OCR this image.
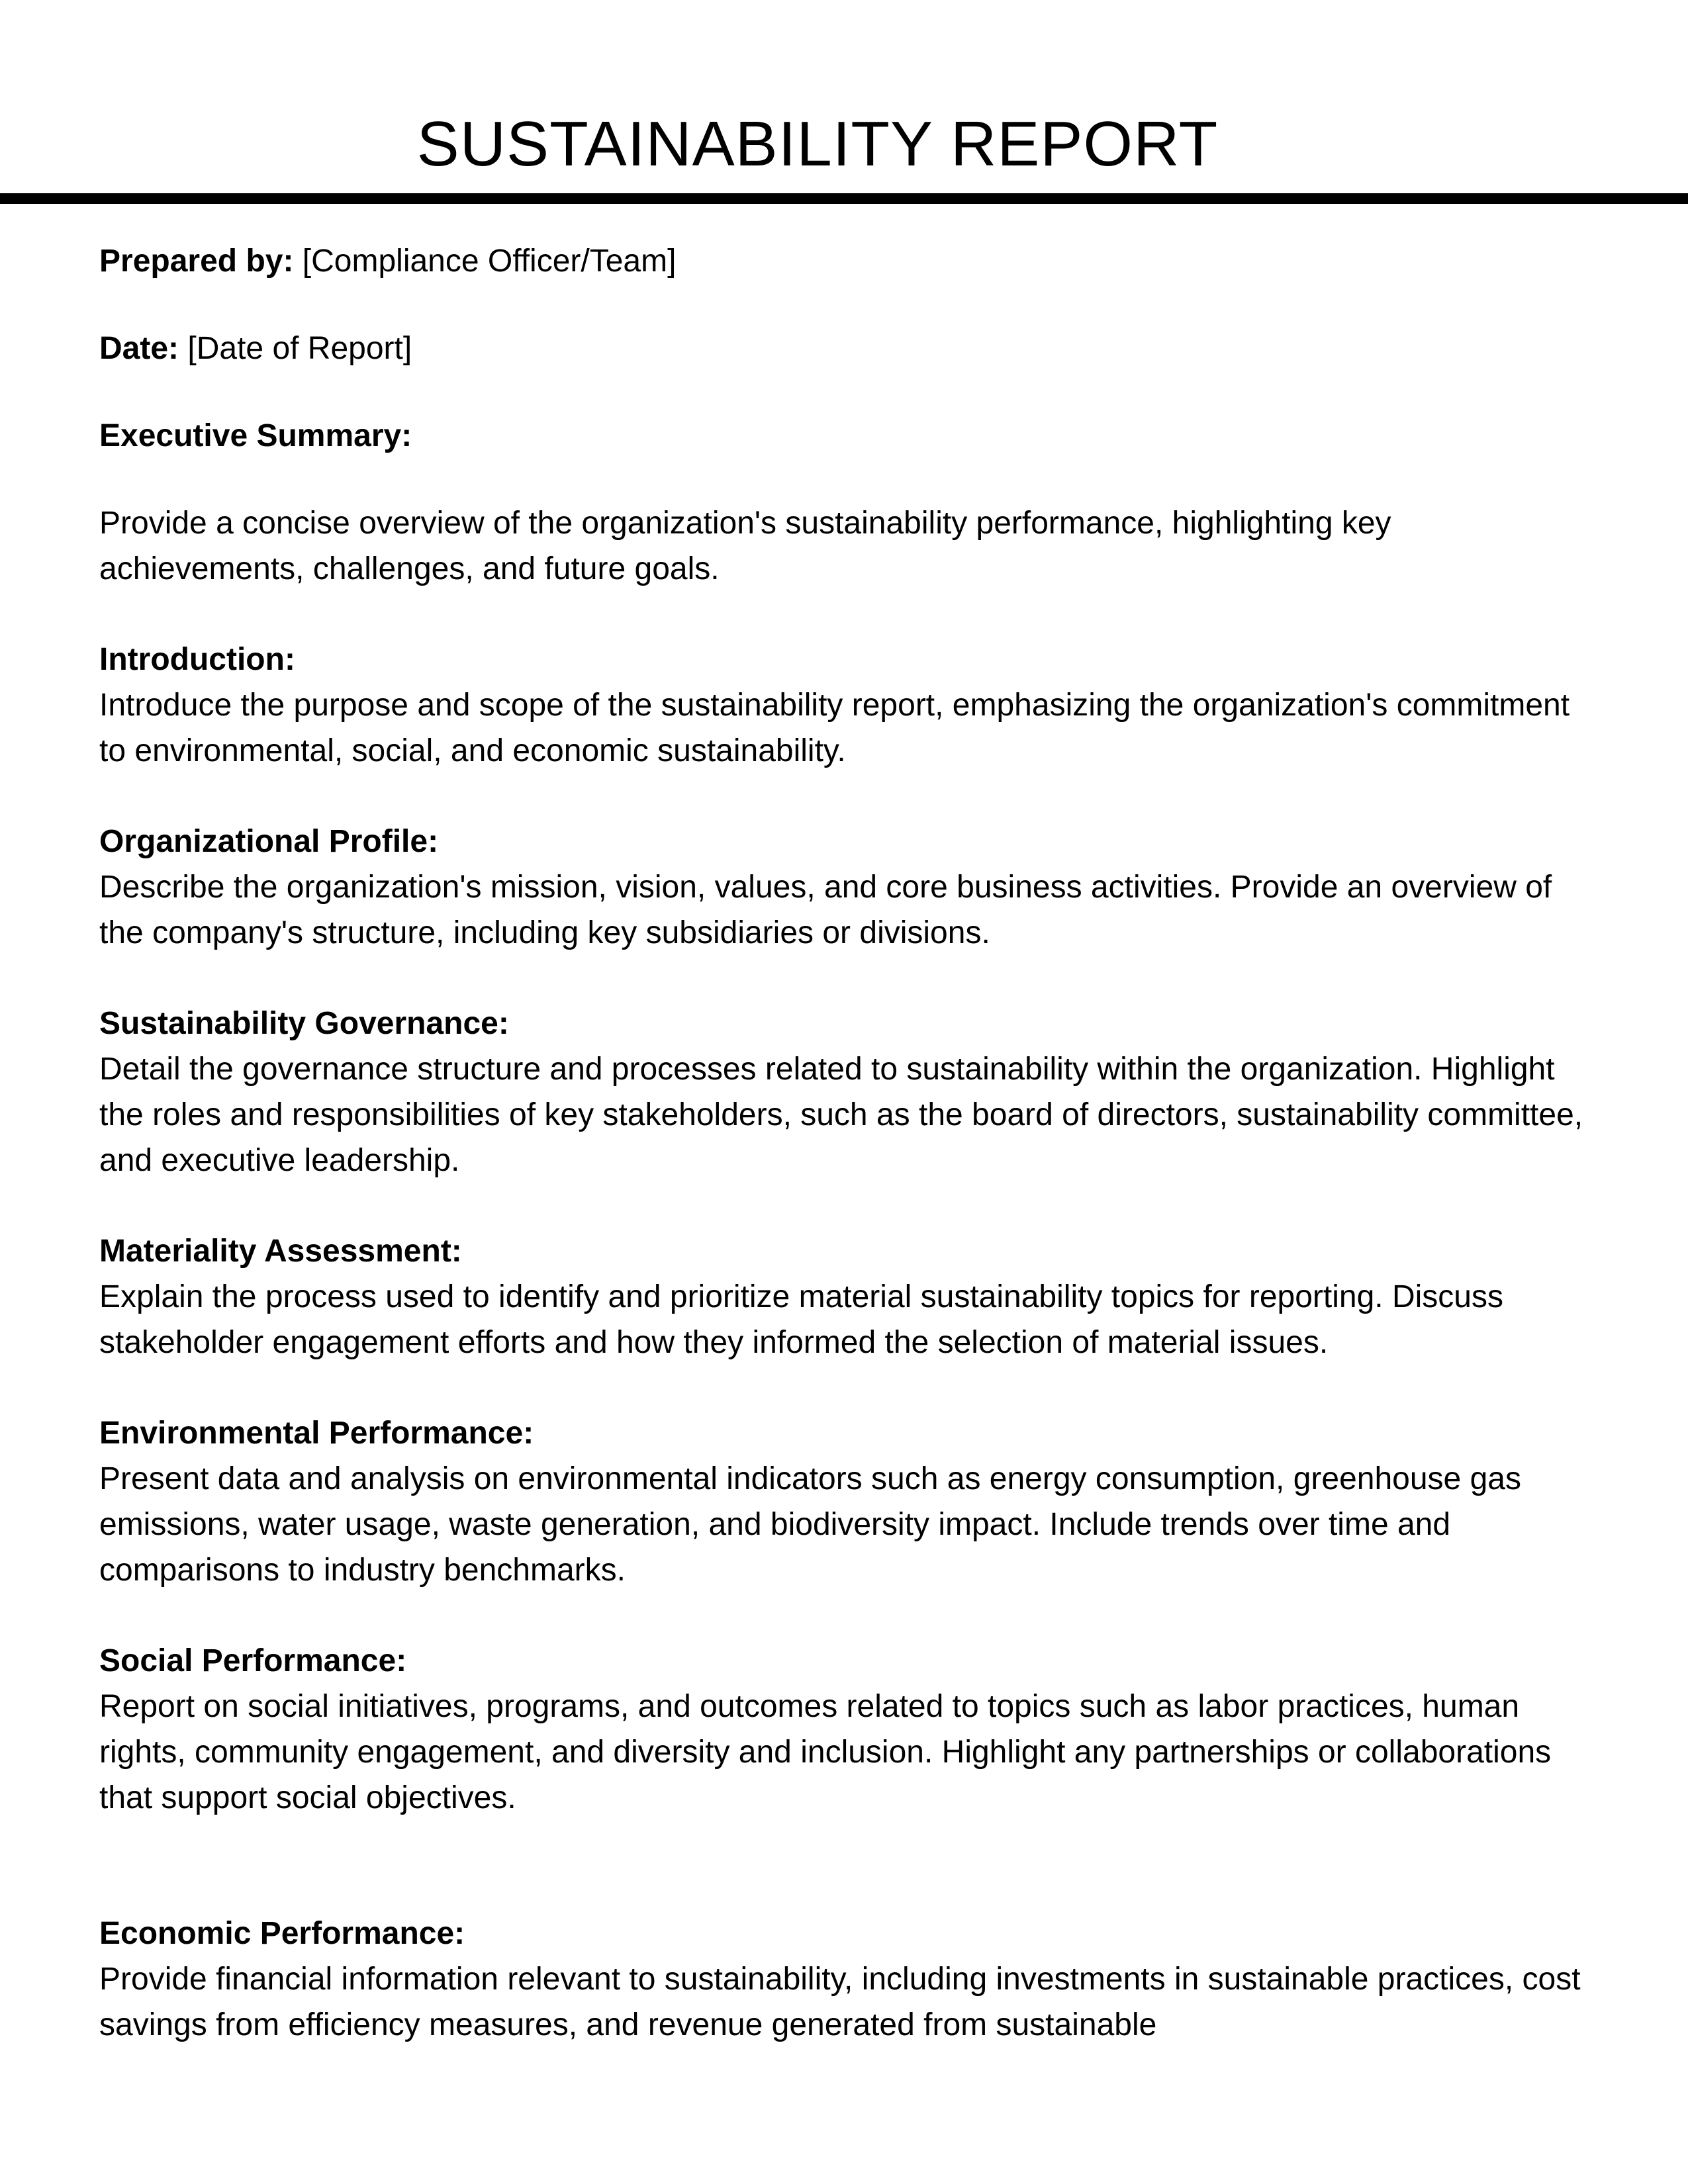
SUSTAINABILITY REPORT

Prepared by: [Compliance Officer/Team]

Date: [Date of Report]

Executive Summary:

Provide a concise overview of the organization's sustainability performance, highlighting key achievements, challenges, and future goals.

Introduction:

Introduce the purpose and scope of the sustainability report, emphasizing the organization's commitment to environmental, social, and economic sustainability.

Organizational Profile:

Describe the organization's mission, vision, values, and core business activities. Provide an overview of the company's structure, including key subsidiaries or divisions.

Sustainability Governance:

Detail the governance structure and processes related to sustainability within the organization. Highlight the roles and responsibilities of key stakeholders, such as the board of directors, sustainability committee, and executive leadership.

Materiality Assessment:

Explain the process used to identify and prioritize material sustainability topics for reporting. Discuss stakeholder engagement efforts and how they informed the selection of material issues.

Environmental Performance:

Present data and analysis on environmental indicators such as energy consumption, greenhouse gas emissions, water usage, waste generation, and biodiversity impact. Include trends over time and comparisons to industry benchmarks.

Social Performance:

Report on social initiatives, programs, and outcomes related to topics such as labor practices, human rights, community engagement, and diversity and inclusion. Highlight any partnerships or collaborations that support social objectives.

Economic Performance:

Provide financial information relevant to sustainability, including investments in sustainable practices, cost savings from efficiency measures, and revenue generated from sustainable
